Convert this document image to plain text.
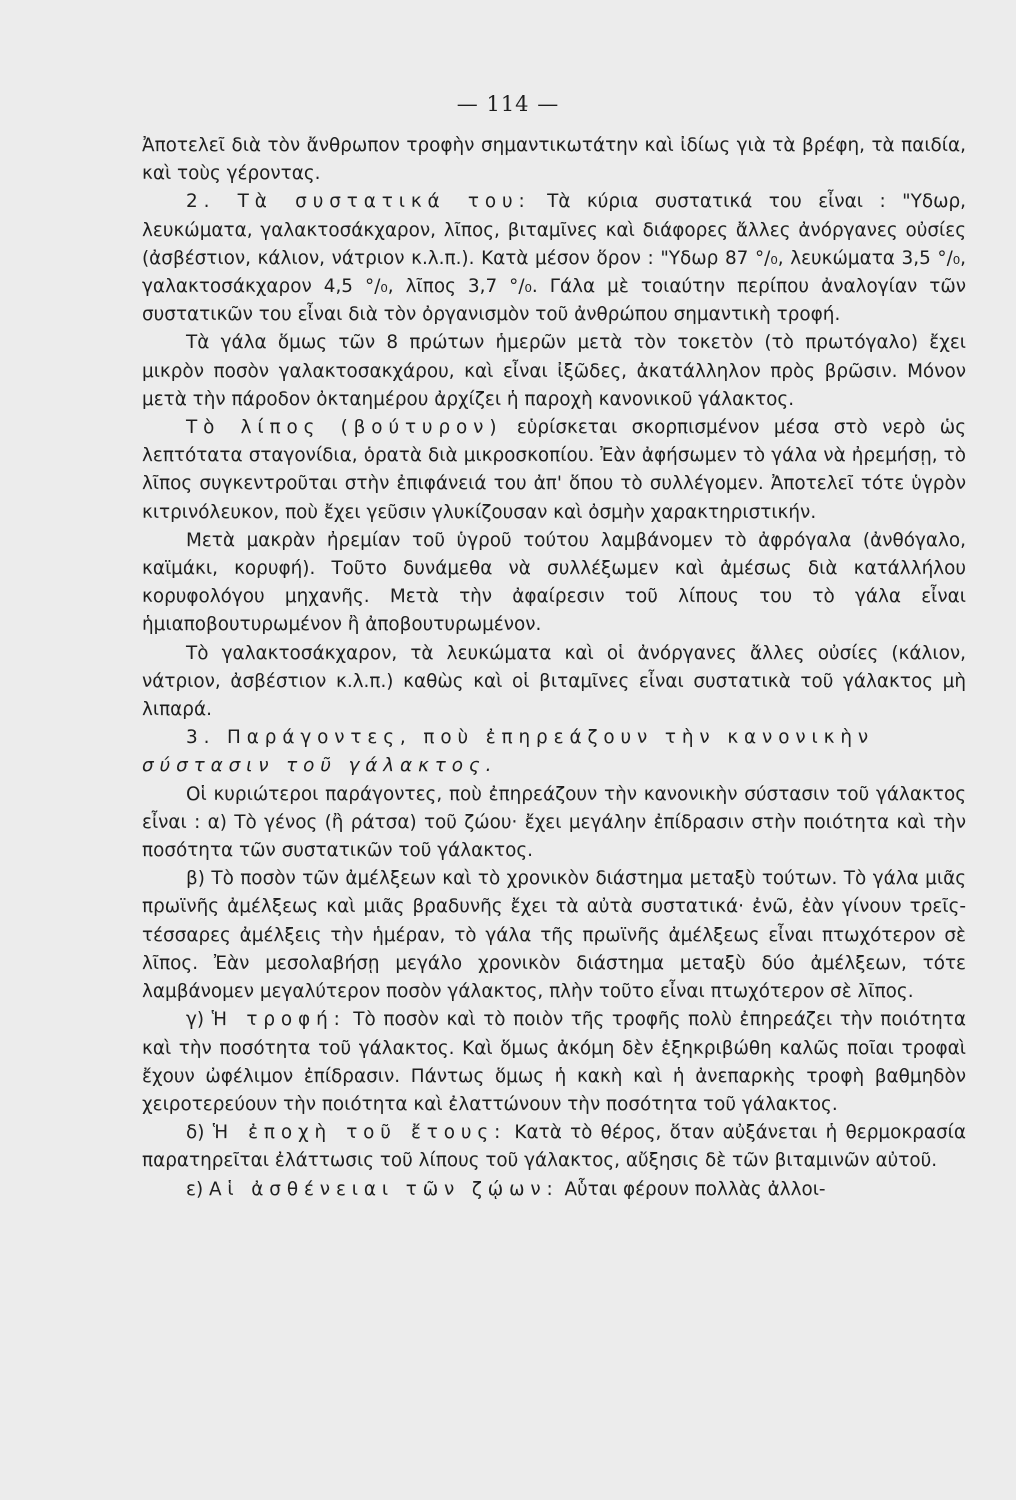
— 114 —

Ἀποτελεῖ διὰ τὸν ἄνθρωπον τροφὴν σημαντικωτάτην καὶ ἰδίως γιὰ τὰ βρέφη, τὰ παιδία, καὶ τοὺς γέροντας.

2. Τὰ συστατικά του: Τὰ κύρια συστατικά του εἶναι : "Υδωρ, λευκώματα, γαλακτοσάκχαρον, λῖπος, βιταμῖνες καὶ διάφορες ἄλλες ἀνόργανες οὐσίες (ἀσβέστιον, κάλιον, νάτριον κ.λ.π.). Κατὰ μέσον ὅρον : "Υδωρ 87 °/₀, λευκώματα 3,5 °/₀, γαλακτοσάκχαρον 4,5 °/₀, λῖπος 3,7 °/₀. Γάλα μὲ τοιαύτην περίπου ἀναλογίαν τῶν συστατικῶν του εἶναι διὰ τὸν ὀργανισμὸν τοῦ ἀνθρώπου σημαντικὴ τροφή.

Τὰ γάλα ὅμως τῶν 8 πρώτων ἡμερῶν μετὰ τὸν τοκετὸν (τὸ πρωτόγαλο) ἔχει μικρὸν ποσὸν γαλακτοσακχάρου, καὶ εἶναι ἰξῶδες, ἀκατάλληλον πρὸς βρῶσιν. Μόνον μετὰ τὴν πάροδον ὀκταημέρου ἀρχίζει ἡ παροχὴ κανονικοῦ γάλακτος.

Τὸ λίπος (βούτυρον) εὑρίσκεται σκορπισμένον μέσα στὸ νερὸ ὡς λεπτότατα σταγονίδια, ὁρατὰ διὰ μικροσκοπίου. Ἐὰν ἀφήσωμεν τὸ γάλα νὰ ἠρεμήσῃ, τὸ λῖπος συγκεντροῦται στὴν ἐπιφάνειά του ἀπ' ὅπου τὸ συλλέγομεν. Ἀποτελεῖ τότε ὑγρὸν κιτρινόλευκον, ποὺ ἔχει γεῦσιν γλυκίζουσαν καὶ ὀσμὴν χαρακτηριστικήν.

Μετὰ μακρὰν ἠρεμίαν τοῦ ὑγροῦ τούτου λαμβάνομεν τὸ ἀφρόγαλα (ἀνθόγαλο, καϊμάκι, κορυφή). Τοῦτο δυνάμεθα νὰ συλλέξωμεν καὶ ἀμέσως διὰ κατάλλήλου κορυφολόγου μηχανῆς. Μετὰ τὴν ἀφαίρεσιν τοῦ λίπους του τὸ γάλα εἶναι ἡμιαποβουτυρωμένον ἢ ἀποβουτυρωμένον.

Τὸ γαλακτοσάκχαρον, τὰ λευκώματα καὶ οἱ ἀνόργανες ἄλλες οὐσίες (κάλιον, νάτριον, ἀσβέστιον κ.λ.π.) καθὼς καὶ οἱ βιταμῖνες εἶναι συστατικὰ τοῦ γάλακτος μὴ λιπαρά.

3. Παράγοντες, ποὺ ἐπηρεάζουν τὴν κανονικὴν

σύστασιν τοῦ γάλακτος.

Οἱ κυριώτεροι παράγοντες, ποὺ ἐπηρεάζουν τὴν κανονικὴν σύστασιν τοῦ γάλακτος εἶναι : α) Τὸ γένος (ἢ ράτσα) τοῦ ζώου· ἔχει μεγάλην ἐπίδρασιν στὴν ποιότητα καὶ τὴν ποσότητα τῶν συστατικῶν τοῦ γάλακτος.

β) Τὸ ποσὸν τῶν ἀμέλξεων καὶ τὸ χρονικὸν διάστημα μεταξὺ τούτων. Τὸ γάλα μιᾶς πρωϊνῆς ἀμέλξεως καὶ μιᾶς βραδυνῆς ἔχει τὰ αὐτὰ συστατικά· ἐνῶ, ἐὰν γίνουν τρεῖς-τέσσαρες ἀμέλξεις τὴν ἡμέραν, τὸ γάλα τῆς πρωϊνῆς ἀμέλξεως εἶναι πτωχότερον σὲ λῖπος. Ἐὰν μεσολαβήσῃ μεγάλο χρονικὸν διάστημα μεταξὺ δύο ἀμέλξεων, τότε λαμβάνομεν μεγαλύτερον ποσὸν γάλακτος, πλὴν τοῦτο εἶναι πτωχότερον σὲ λῖπος.

γ) Ἡ τροφή: Τὸ ποσὸν καὶ τὸ ποιὸν τῆς τροφῆς πολὺ ἐπηρεάζει τὴν ποιότητα καὶ τὴν ποσότητα τοῦ γάλακτος. Καὶ ὅμως ἀκόμη δὲν ἐξηκριβώθη καλῶς ποῖαι τροφαὶ ἔχουν ὠφέλιμον ἐπίδρασιν. Πάντως ὅμως ἡ κακὴ καὶ ἡ ἀνεπαρκὴς τροφὴ βαθμηδὸν χειροτερεύουν τὴν ποιότητα καὶ ἐλαττώνουν τὴν ποσότητα τοῦ γάλακτος.

δ) Ἡ ἐποχὴ τοῦ ἔτους: Κατὰ τὸ θέρος, ὅταν αὐξάνεται ἡ θερμοκρασία παρατηρεῖται ἐλάττωσις τοῦ λίπους τοῦ γάλακτος, αὔξησις δὲ τῶν βιταμινῶν αὐτοῦ.

ε) Αἱ ἀσθένειαι τῶν ζῴων: Αὗται φέρουν πολλὰς ἀλλοι-
